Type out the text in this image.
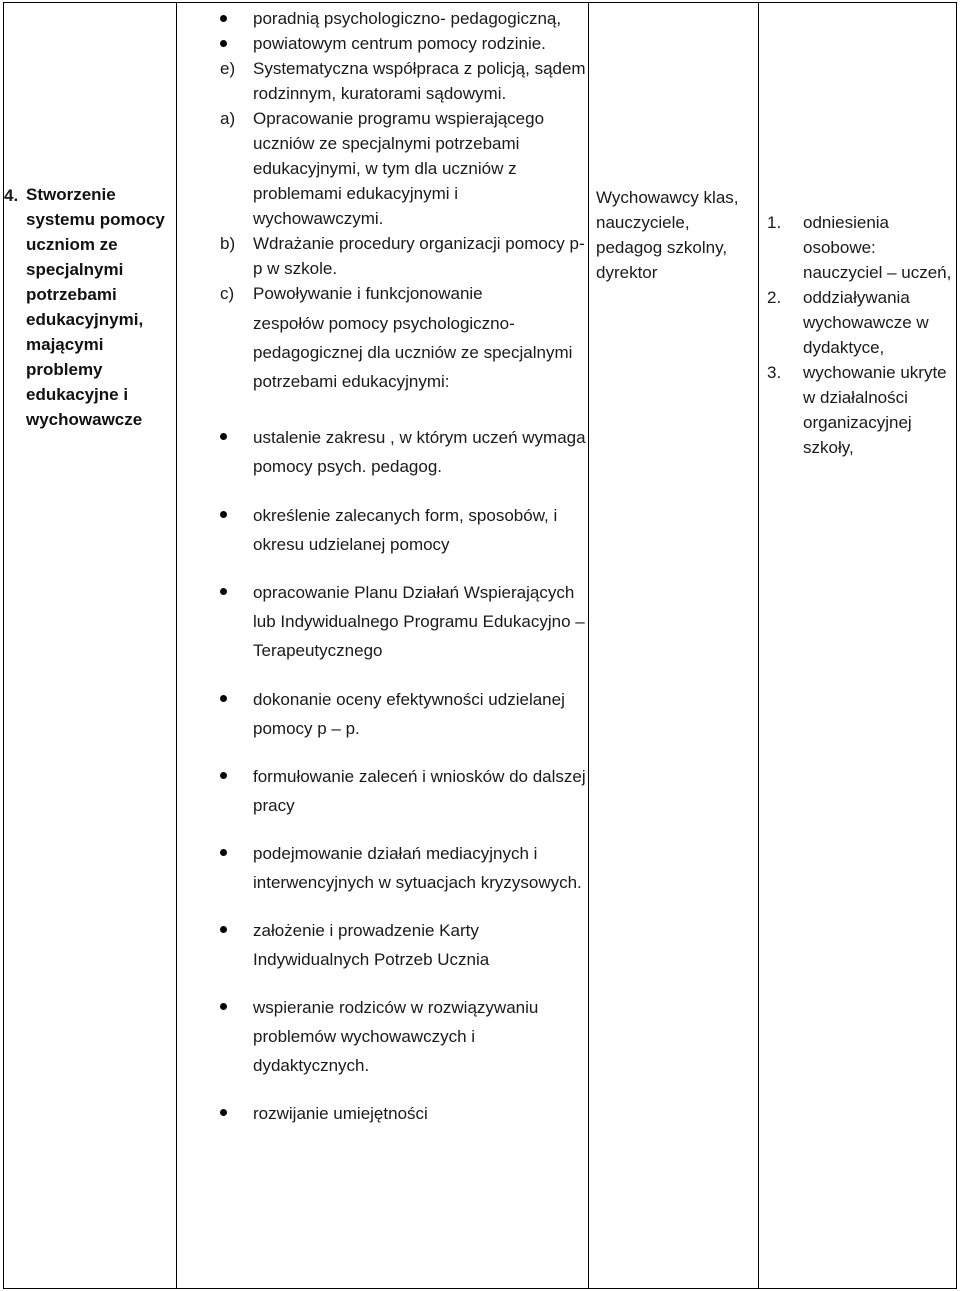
4. Stworzenie systemu pomocy uczniom ze specjalnymi potrzebami edukacyjnymi, mającymi problemy edukacyjne i wychowawcze

poradnią psychologiczno- pedagogiczną,
powiatowym centrum pomocy rodzinie.
e) Systematyczna współpraca z policją, sądem rodzinnym, kuratorami sądowymi.
a) Opracowanie programu wspierającego uczniów ze specjalnymi potrzebami edukacyjnymi, w tym dla uczniów z problemami edukacyjnymi i wychowawczymi.
b) Wdrażanie procedury organizacji pomocy p-p w szkole.
c) Powoływanie i funkcjonowanie
zespołów pomocy psychologiczno- pedagogicznej dla uczniów ze specjalnymi potrzebami edukacyjnymi:
ustalenie zakresu , w którym uczeń wymaga pomocy psych. pedagog.
określenie zalecanych form, sposobów, i okresu udzielanej pomocy
opracowanie Planu Działań Wspierających lub Indywidualnego Programu Edukacyjno – Terapeutycznego
dokonanie oceny efektywności udzielanej pomocy p – p.
formułowanie zaleceń i wniosków do dalszej pracy
podejmowanie działań mediacyjnych i interwencyjnych w sytuacjach kryzysowych.
założenie i prowadzenie Karty Indywidualnych Potrzeb Ucznia
wspieranie rodziców w rozwiązywaniu problemów wychowawczych i dydaktycznych.
rozwijanie umiejętności
Wychowawcy klas, nauczyciele, pedagog szkolny, dyrektor
1. odniesienia osobowe: nauczyciel – uczeń,
2. oddziaływania wychowawcze w dydaktyce,
3. wychowanie ukryte w działalności organizacyjnej szkoły,
